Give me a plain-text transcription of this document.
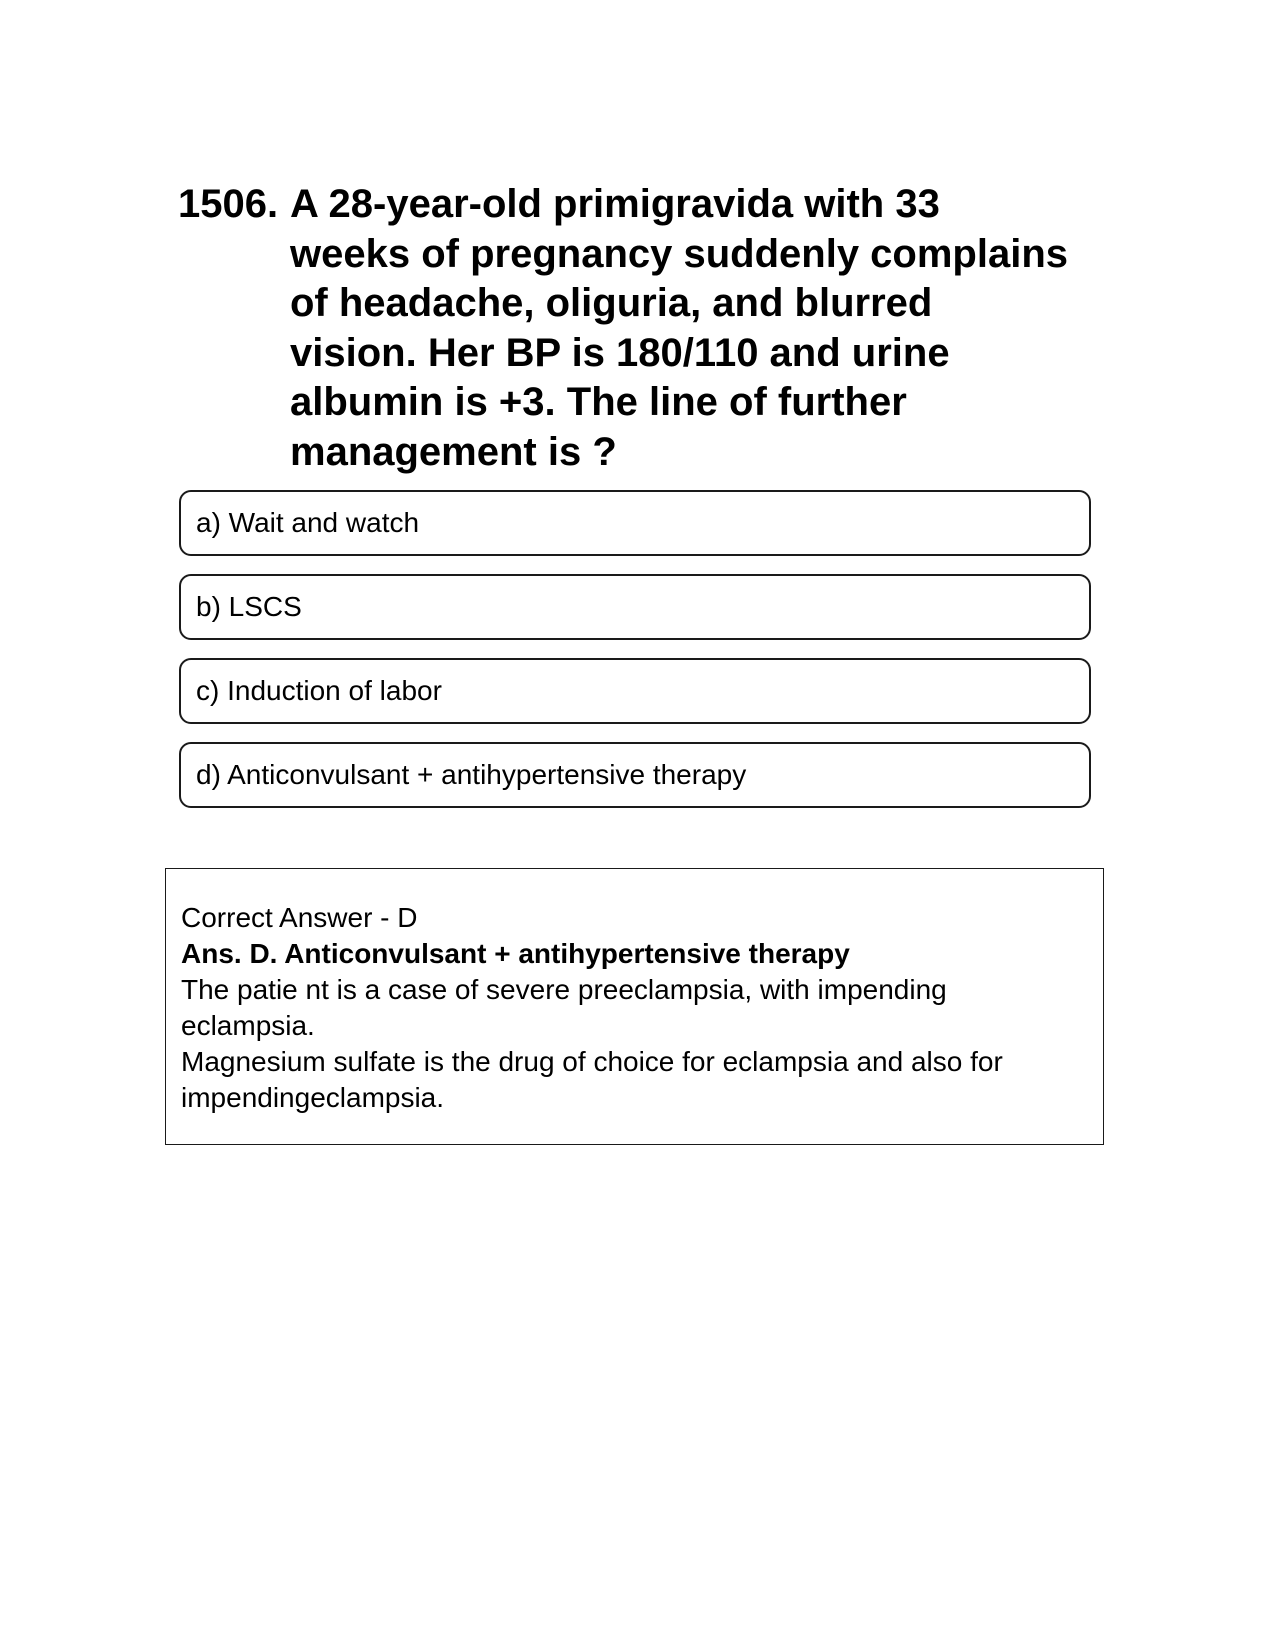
1506. A 28-year-old primigravida with 33 weeks of pregnancy suddenly complains of headache, oliguria, and blurred vision. Her BP is 180/110 and urine albumin is +3. The line of further management is ?
a) Wait and watch
b) LSCS
c) Induction of labor
d) Anticonvulsant + antihypertensive therapy
Correct Answer - D
Ans. D. Anticonvulsant + antihypertensive therapy
The patie nt is a case of severe preeclampsia, with impending eclampsia.
Magnesium sulfate is the drug of choice for eclampsia and also for impendingeclampsia.
